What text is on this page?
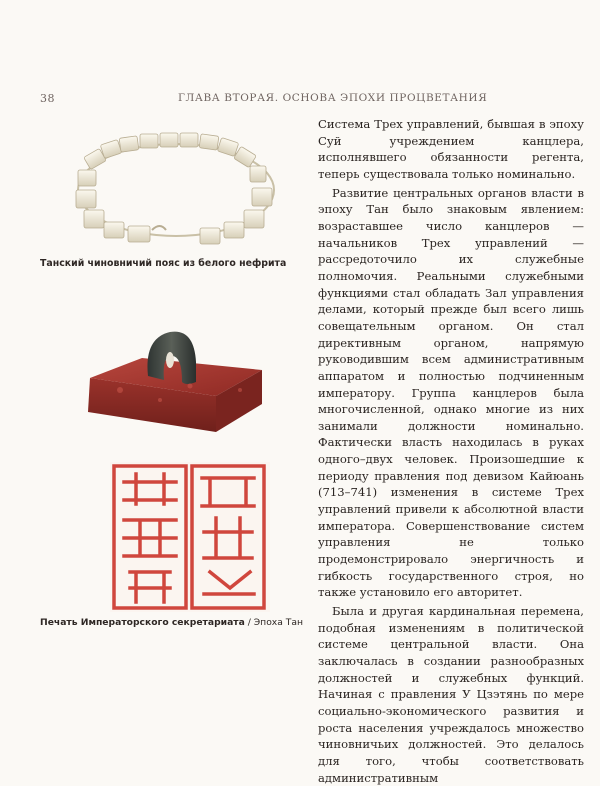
38	ГЛАВА ВТОРАЯ. ОСНОВА ЭПОХИ ПРОЦВЕТАНИЯ
Танский чиновничий пояс из белого нефрита
Печать Императорского секретариата / Эпоха Тан

Система Трех управлений, бывшая в эпоху Суй учреждением канцлера, исполнявшего обязанности регента, теперь существовала только номинально.

Развитие центральных органов власти в эпоху Тан было знаковым явлением: возраставшее число канцлеров — начальников Трех управлений — рассредоточило их служебные полномочия. Реальными служебными функциями стал обладать Зал управления делами, который прежде был всего лишь совещательным органом. Он стал директивным органом, напрямую руководившим всем административным аппаратом и полностью подчиненным императору. Группа канцлеров была многочисленной, однако многие из них занимали должности номинально. Фактически власть находилась в руках одного–двух человек. Произошедшие к периоду правления под девизом Кайюань (713–741) изменения в системе Трех управлений привели к абсолютной власти императора. Совершенствование систем управления не только продемонстрировало энергичность и гибкость государственного строя, но также установило его авторитет.

Была и другая кардинальная перемена, подобная изменениям в политической системе центральной власти. Она заключалась в создании разнообразных должностей и служебных функций. Начиная с правления У Цзэтянь по мере социально-экономического развития и роста населения учреждалось множество чиновничьих должностей. Это делалось для того, чтобы соответствовать административным
